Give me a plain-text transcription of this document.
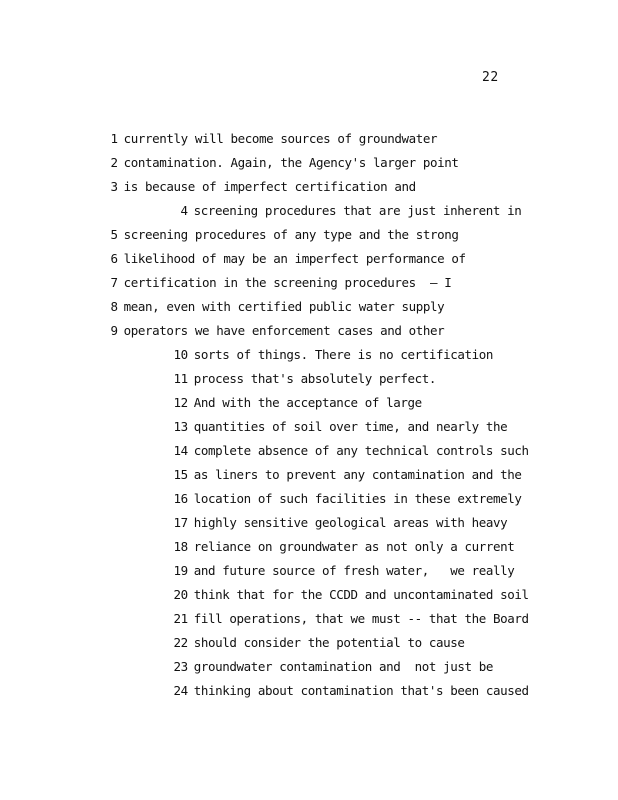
22

1 currently will become sources of groundwater

2 contamination. Again, the Agency's larger point

3 is because of imperfect certification and

4 screening procedures that are just inherent in

5 screening procedures of any type and the strong

6 likelihood of may be an imperfect performance of

7 certification in the screening procedures  — I

8 mean, even with certified public water supply

9 operators we have enforcement cases and other

10 sorts of things. There is no certification

11 process that's absolutely perfect.

12 And with the acceptance of large

13 quantities of soil over time, and nearly the

14 complete absence of any technical controls such

15 as liners to prevent any contamination and the

16 location of such facilities in these extremely

17 highly sensitive geological areas with heavy

18 reliance on groundwater as not only a current

19 and future source of fresh water,   we really

20 think that for the CCDD and uncontaminated soil

21 fill operations, that we must -- that the Board

22 should consider the potential to cause

23 groundwater contamination and  not just be

24 thinking about contamination that's been caused
